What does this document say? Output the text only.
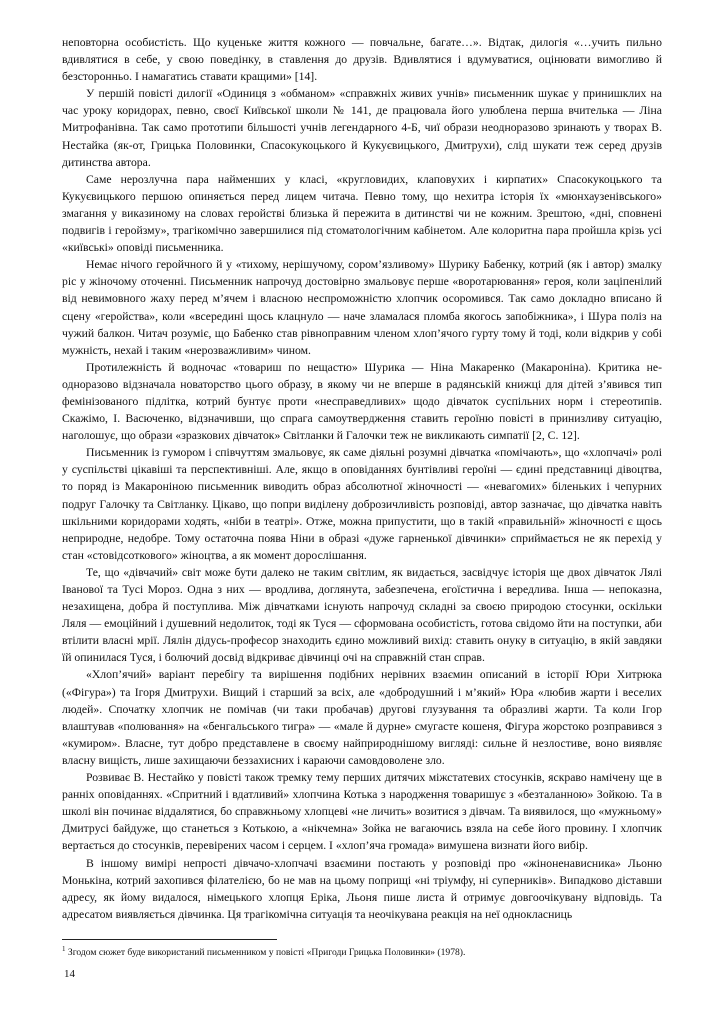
неповторна особистість. Що куценьке життя кожного — повчальне, багате…». Відтак, дилогія «…учить пильно вдивлятися в себе, у свою поведінку, в ставлення до друзів. Вдивлятися і вдумуватися, оцінювати вимогливо й безсторонньо. І намагатись ставати кращими» [14].

У першій повісті дилогії «Одиниця з «обманом» «справжніх живих учнів» письменник шукає у принишклих на час уроку коридорах, певно, своєї Київської школи № 141, де працювала його улюблена перша вчителька — Ліна Митрофанівна. Так само прототипи більшості учнів легендарного 4-Б, чиї образи неодноразово зринають у творах В. Нестайка (як-от, Грицька Половинки, Спасокукоцького й Кукуєвицького, Дмитрухи), слід шукати теж серед друзів дитинства автора.

Саме нерозлучна пара найменших у класі, «кругловидих, клаповухих і кирпатих» Спасокукоцького та Кукуєвицького першою опиняється перед лицем читача. Певно тому, що нехитра історія їх «мюнхаузенівського» змагання у виказиному на словах геройстві близька й пережита в дитинстві чи не кожним. Зрештою, «дні, сповнені подвигів і геройзму», трагікомічно завершилися під стоматологічним кабінетом. Але колоритна пара пройшла крізь усі «київські» оповіді письменника.

Немає нічого геройчного й у «тихому, нерішучому, сором’язливому» Шурику Бабенку, котрий (як і автор) змалку ріс у жіночому оточенні. Письменник напрочуд достовірно змальовує перше «воротарювання» героя, коли заціпенілий від невимовного жаху перед м’ячем і власною неспроможністю хлопчик осоромився. Так само докладно вписано й сцену «геройства», коли «всередині щось клацнуло — наче зламалася пломба якогось запобіжника», і Шура поліз на чужий балкон. Читач розуміє, що Бабенко став рівноправним членом хлоп’ячого гурту тому й тоді, коли відкрив у собі мужність, нехай і таким «нерозважливим» чином.

Протилежність й водночас «товариш по нещастю» Шурика — Ніна Макаренко (Макароніна). Критика неодноразово відзначала новаторство цього образу, в якому чи не вперше в радянській книжці для дітей з’явився тип фемінізованого підлітка, котрий бунтує проти «несправедливих» щодо дівчаток суспільних норм і стереотипів. Скажімо, І. Васюченко, відзначивши, що спрага самоутвердження ставить героїню повісті в принизливу ситуацію, наголошує, що образи «зразкових дівчаток» Світланки й Галочки теж не викликають симпатії [2, С. 12].

Письменник із гумором і співчуттям змальовує, як саме діяльні розумні дівчатка «помічають», що «хлопчачі» ролі у суспільстві цікавіші та перспективніші. Але, якщо в оповіданнях бунтівливі героїні — єдині представниці дівоцтва, то поряд із Макароніною письменник виводить образ абсолютної жіночності — «невагомих» біленьких і чепурних подруг Галочку та Світланку. Цікаво, що попри виділену доброзичливість розповіді, автор зазначає, що дівчатка навіть шкільними коридорами ходять, «ніби в театрі». Отже, можна припустити, що в такій «правильній» жіночності є щось неприродне, недобре. Тому остаточна поява Ніни в образі «дуже гарненької дівчинки» сприймається не як перехід у стан «стовідсоткового» жіноцтва, а як момент дорослішання.

Те, що «дівчачий» світ може бути далеко не таким світлим, як видається, засвідчує історія ще двох дівчаток Лялі Іванової та Тусі Мороз. Одна з них — вродлива, доглянута, забезпечена, егоїстична і вередлива. Інша — непоказна, незахищена, добра й поступлива. Між дівчатками існують напрочуд складні за своєю природою стосунки, оскільки Ляля — емоційний і душевний недолиток, тоді як Туся — сформована особистість, готова свідомо йти на поступки, аби втілити власні мрії. Лялін дідусь-професор знаходить єдино можливий вихід: ставить онуку в ситуацію, в якій завдяки їй опинилася Туся, і болючий досвід відкриває дівчинці очі на справжній стан справ.

«Хлоп’ячий» варіант перебігу та вирішення подібних нерівних взаємин описаний в історії Юри Хитрюка («Фігура») та Ігоря Дмитрухи. Вищий і старший за всіх, але «добродушний і м’який» Юра «любив жарти і веселих людей». Спочатку хлопчик не помічав (чи таки пробачав) другові глузування та образливі жарти. Та коли Ігор влаштував «полювання» на «бенгальського тигра» — «мале й дурне» смугасте кошеня, Фігура жорстоко розправився з «кумиром». Власне, тут добро представлене в своєму найприроднішому вигляді: сильне й незлостиве, воно виявляє власну вищість, лише захищаючи беззахисних і караючи самовдоволене зло.

Розвиває В. Нестайко у повісті також тремку тему перших дитячих міжстатевих стосунків, яскраво намічену ще в ранніх оповіданнях. «Спритний і вдатливий» хлопчина Котька з народження товаришує з «безталанною» Зойкою. Та в школі він починає віддалятися, бо справжньому хлопцеві «не личить» возитися з дівчам. Та виявилося, що «мужньому» Дмитрусі байдуже, що станеться з Котькою, а «нікчемна» Зойка не вагаючись взяла на себе його провину. І хлопчик вертається до стосунків, перевірених часом і серцем. І «хлоп’яча громада» вимушена визнати його вибір.

В іншому вимірі непрості дівчачо-хлопчачі взаємини постають у розповіді про «жіноненависника» Льоню Монькіна, котрий захопився філателією, бо не мав на цьому поприщі «ні тріумфу, ні суперників». Випадково діставши адресу, як йому видалося, німецького хлопця Еріка, Льоня пише листа й отримує довгоочікувану відповідь. Та адресатом виявляється дівчинка. Ця трагікомічна ситуація та неочікувана реакція на неї однокласниць

$^1$ Згодом сюжет буде використаний письменником у повісті «Пригоди Грицька Половинки» (1978).

14
